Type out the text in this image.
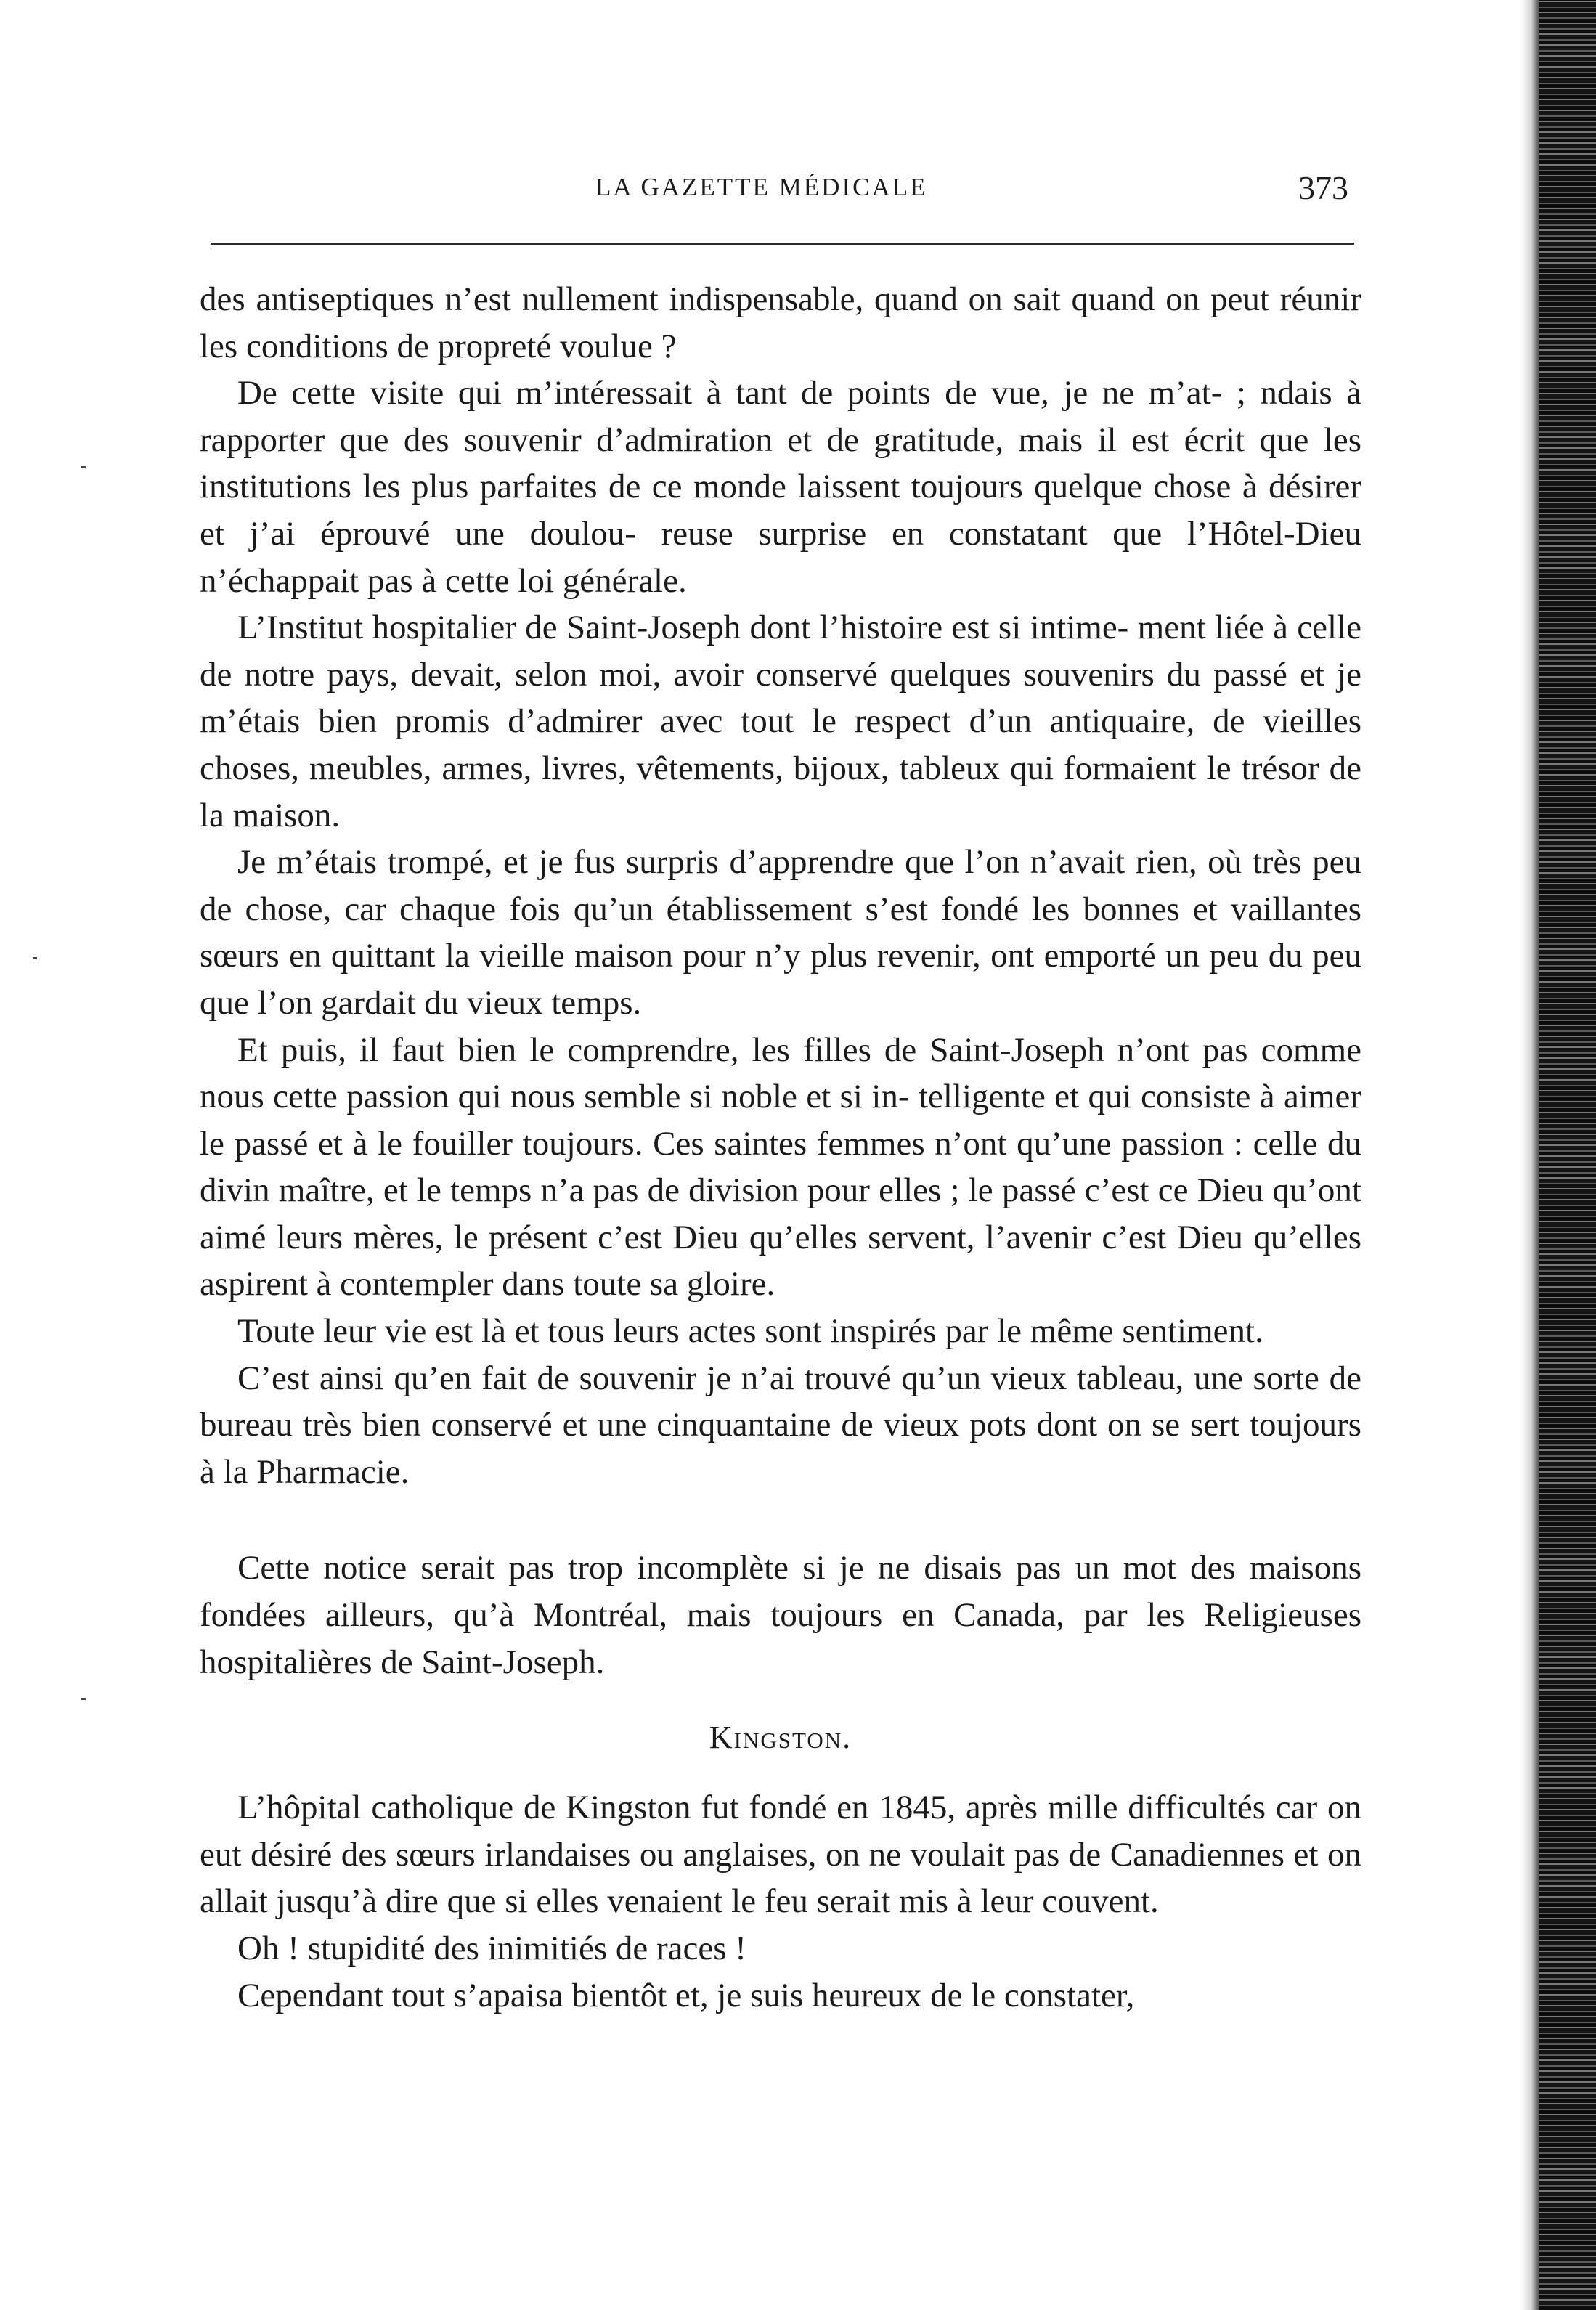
LA GAZETTE MÉDICALE	373

des antiseptiques n’est nullement indispensable, quand on sait quand on peut réunir les conditions de propreté voulue ?

De cette visite qui m’intéressait à tant de points de vue, je ne m’at- ; ndais à rapporter que des souvenir d’admiration et de gratitude, mais il est écrit que les institutions les plus parfaites de ce monde laissent toujours quelque chose à désirer et j’ai éprouvé une doulou- reuse surprise en constatant que l’Hôtel-Dieu n’échappait pas à cette loi générale.

L’Institut hospitalier de Saint-Joseph dont l’histoire est si intime- ment liée à celle de notre pays, devait, selon moi, avoir conservé quelques souvenirs du passé et je m’étais bien promis d’admirer avec tout le respect d’un antiquaire, de vieilles choses, meubles, armes, livres, vêtements, bijoux, tableux qui formaient le trésor de la maison.

Je m’étais trompé, et je fus surpris d’apprendre que l’on n’avait rien, où très peu de chose, car chaque fois qu’un établissement s’est fondé les bonnes et vaillantes sœurs en quittant la vieille maison pour n’y plus revenir, ont emporté un peu du peu que l’on gardait du vieux temps.

Et puis, il faut bien le comprendre, les filles de Saint-Joseph n’ont pas comme nous cette passion qui nous semble si noble et si in- telligente et qui consiste à aimer le passé et à le fouiller toujours. Ces saintes femmes n’ont qu’une passion : celle du divin maître, et le temps n’a pas de division pour elles ; le passé c’est ce Dieu qu’ont aimé leurs mères, le présent c’est Dieu qu’elles servent, l’avenir c’est Dieu qu’elles aspirent à contempler dans toute sa gloire.

Toute leur vie est là et tous leurs actes sont inspirés par le même sentiment.

C’est ainsi qu’en fait de souvenir je n’ai trouvé qu’un vieux tableau, une sorte de bureau très bien conservé et une cinquantaine de vieux pots dont on se sert toujours à la Pharmacie.

Cette notice serait pas trop incomplète si je ne disais pas un mot des maisons fondées ailleurs, qu’à Montréal, mais toujours en Canada, par les Religieuses hospitalières de Saint-Joseph.

Kingston.

L’hôpital catholique de Kingston fut fondé en 1845, après mille difficultés car on eut désiré des sœurs irlandaises ou anglaises, on ne voulait pas de Canadiennes et on allait jusqu’à dire que si elles venaient le feu serait mis à leur couvent.

Oh ! stupidité des inimitiés de races !

Cependant tout s’apaisa bientôt et, je suis heureux de le constater,
